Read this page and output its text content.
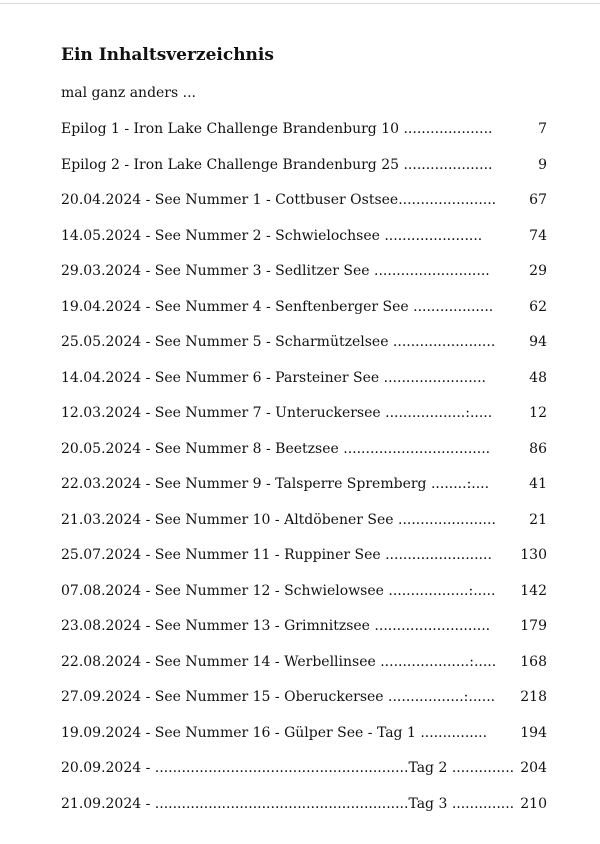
Ein Inhaltsverzeichnis
mal ganz anders ...
Epilog 1 - Iron Lake Challenge Brandenburg 10 ....................	7
Epilog 2 - Iron Lake Challenge Brandenburg 25 ....................	9
20.04.2024 - See Nummer 1 - Cottbuser Ostsee...................... 67
14.05.2024 - See Nummer 2 - Schwielochsee ......................	74
29.03.2024 - See Nummer 3 - Sedlitzer See ..........................	29
19.04.2024 - See Nummer 4 - Senftenberger See ..................	62
25.05.2024 - See Nummer 5 - Scharmützelsee ....................... 94
14.04.2024 - See Nummer 6 - Parsteiner See .......................	48
12.03.2024 - See Nummer 7 - Unteruckersee ..................:.....	12
20.05.2024 - See Nummer 8 - Beetzsee .................................	86
22.03.2024 - See Nummer 9 - Talsperre Spremberg ........:....	41
21.03.2024 - See Nummer 10 - Altdöbener See ...................... 21
25.07.2024 - See Nummer 11 - Ruppiner See ........................ 130
07.08.2024 - See Nummer 12 - Schwielowsee ..................:..... 142
23.08.2024 - See Nummer 13 - Grimnitzsee .......................... 179
22.08.2024 - See Nummer 14 - Werbellinsee ....................:..... 168
27.09.2024 - See Nummer 15 - Oberuckersee .................:...... 218
19.09.2024 - See Nummer 16 - Gülper See - Tag 1 ............... 194
20.09.2024 - .........................................................Tag 2 .............. 204
21.09.2024 - .........................................................Tag 3 .............. 210
